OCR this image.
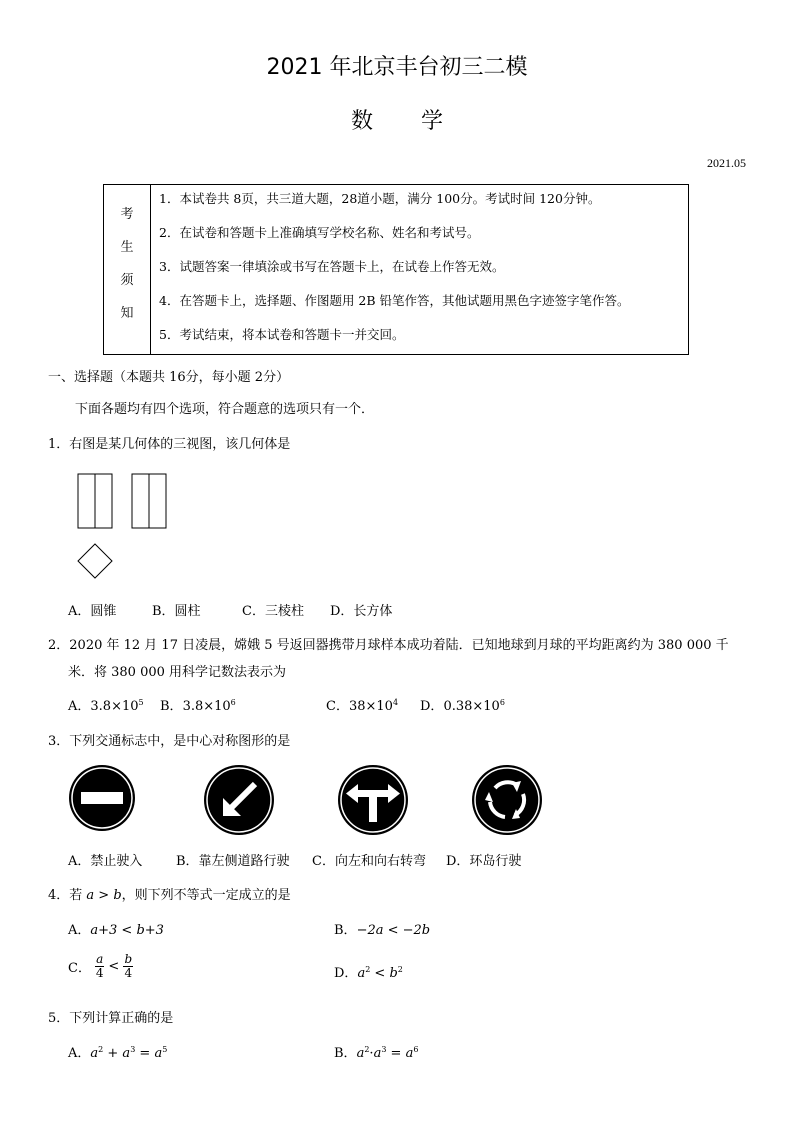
2021 年北京丰台初三二模
数学
2021.05
考
生
须
知
1．本试卷共 8页，共三道大题，28道小题，满分 100分。考试时间 120分钟。
2．在试卷和答题卡上准确填写学校名称、姓名和考试号。
3．试题答案一律填涂或书写在答题卡上，在试卷上作答无效。
4．在答题卡上，选择题、作图题用 2B 铅笔作答，其他试题用黑色字迹签字笔作答。
5．考试结束，将本试卷和答题卡一并交回。
一、选择题（本题共 16分，每小题 2分）
下面各题均有四个选项，符合题意的选项只有一个．
1．右图是某几何体的三视图，该几何体是
A．圆锥	B．圆柱	C．三棱柱 D．长方体
2．2020 年 12 月 17 日凌晨，嫦娥 5 号返回器携带月球样本成功着陆．已知地球到月球的平均距离约为 380 000 千
米．将 380 000 用科学记数法表示为
A．$3.8\times 10^5$ B．$3.8\times 10^6$	C．$38\times 10^4$ D．$0.38\times 10^6$
3．下列交通标志中，是中心对称图形的是
A．禁止驶入	B．靠左侧道路行驶 C．向左和向右转弯 D．环岛行驶
4．若 a > b，则下列不等式一定成立的是
A．a+3 < b+3	B．−2a < −2b
C． $\frac{a}{4} < \frac{b}{4}$	D．$a^2 < b^2$
5．下列计算正确的是
A．$a^2 + a^3 = a^5$	B．$a^2\cdot a^3 = a^6$
